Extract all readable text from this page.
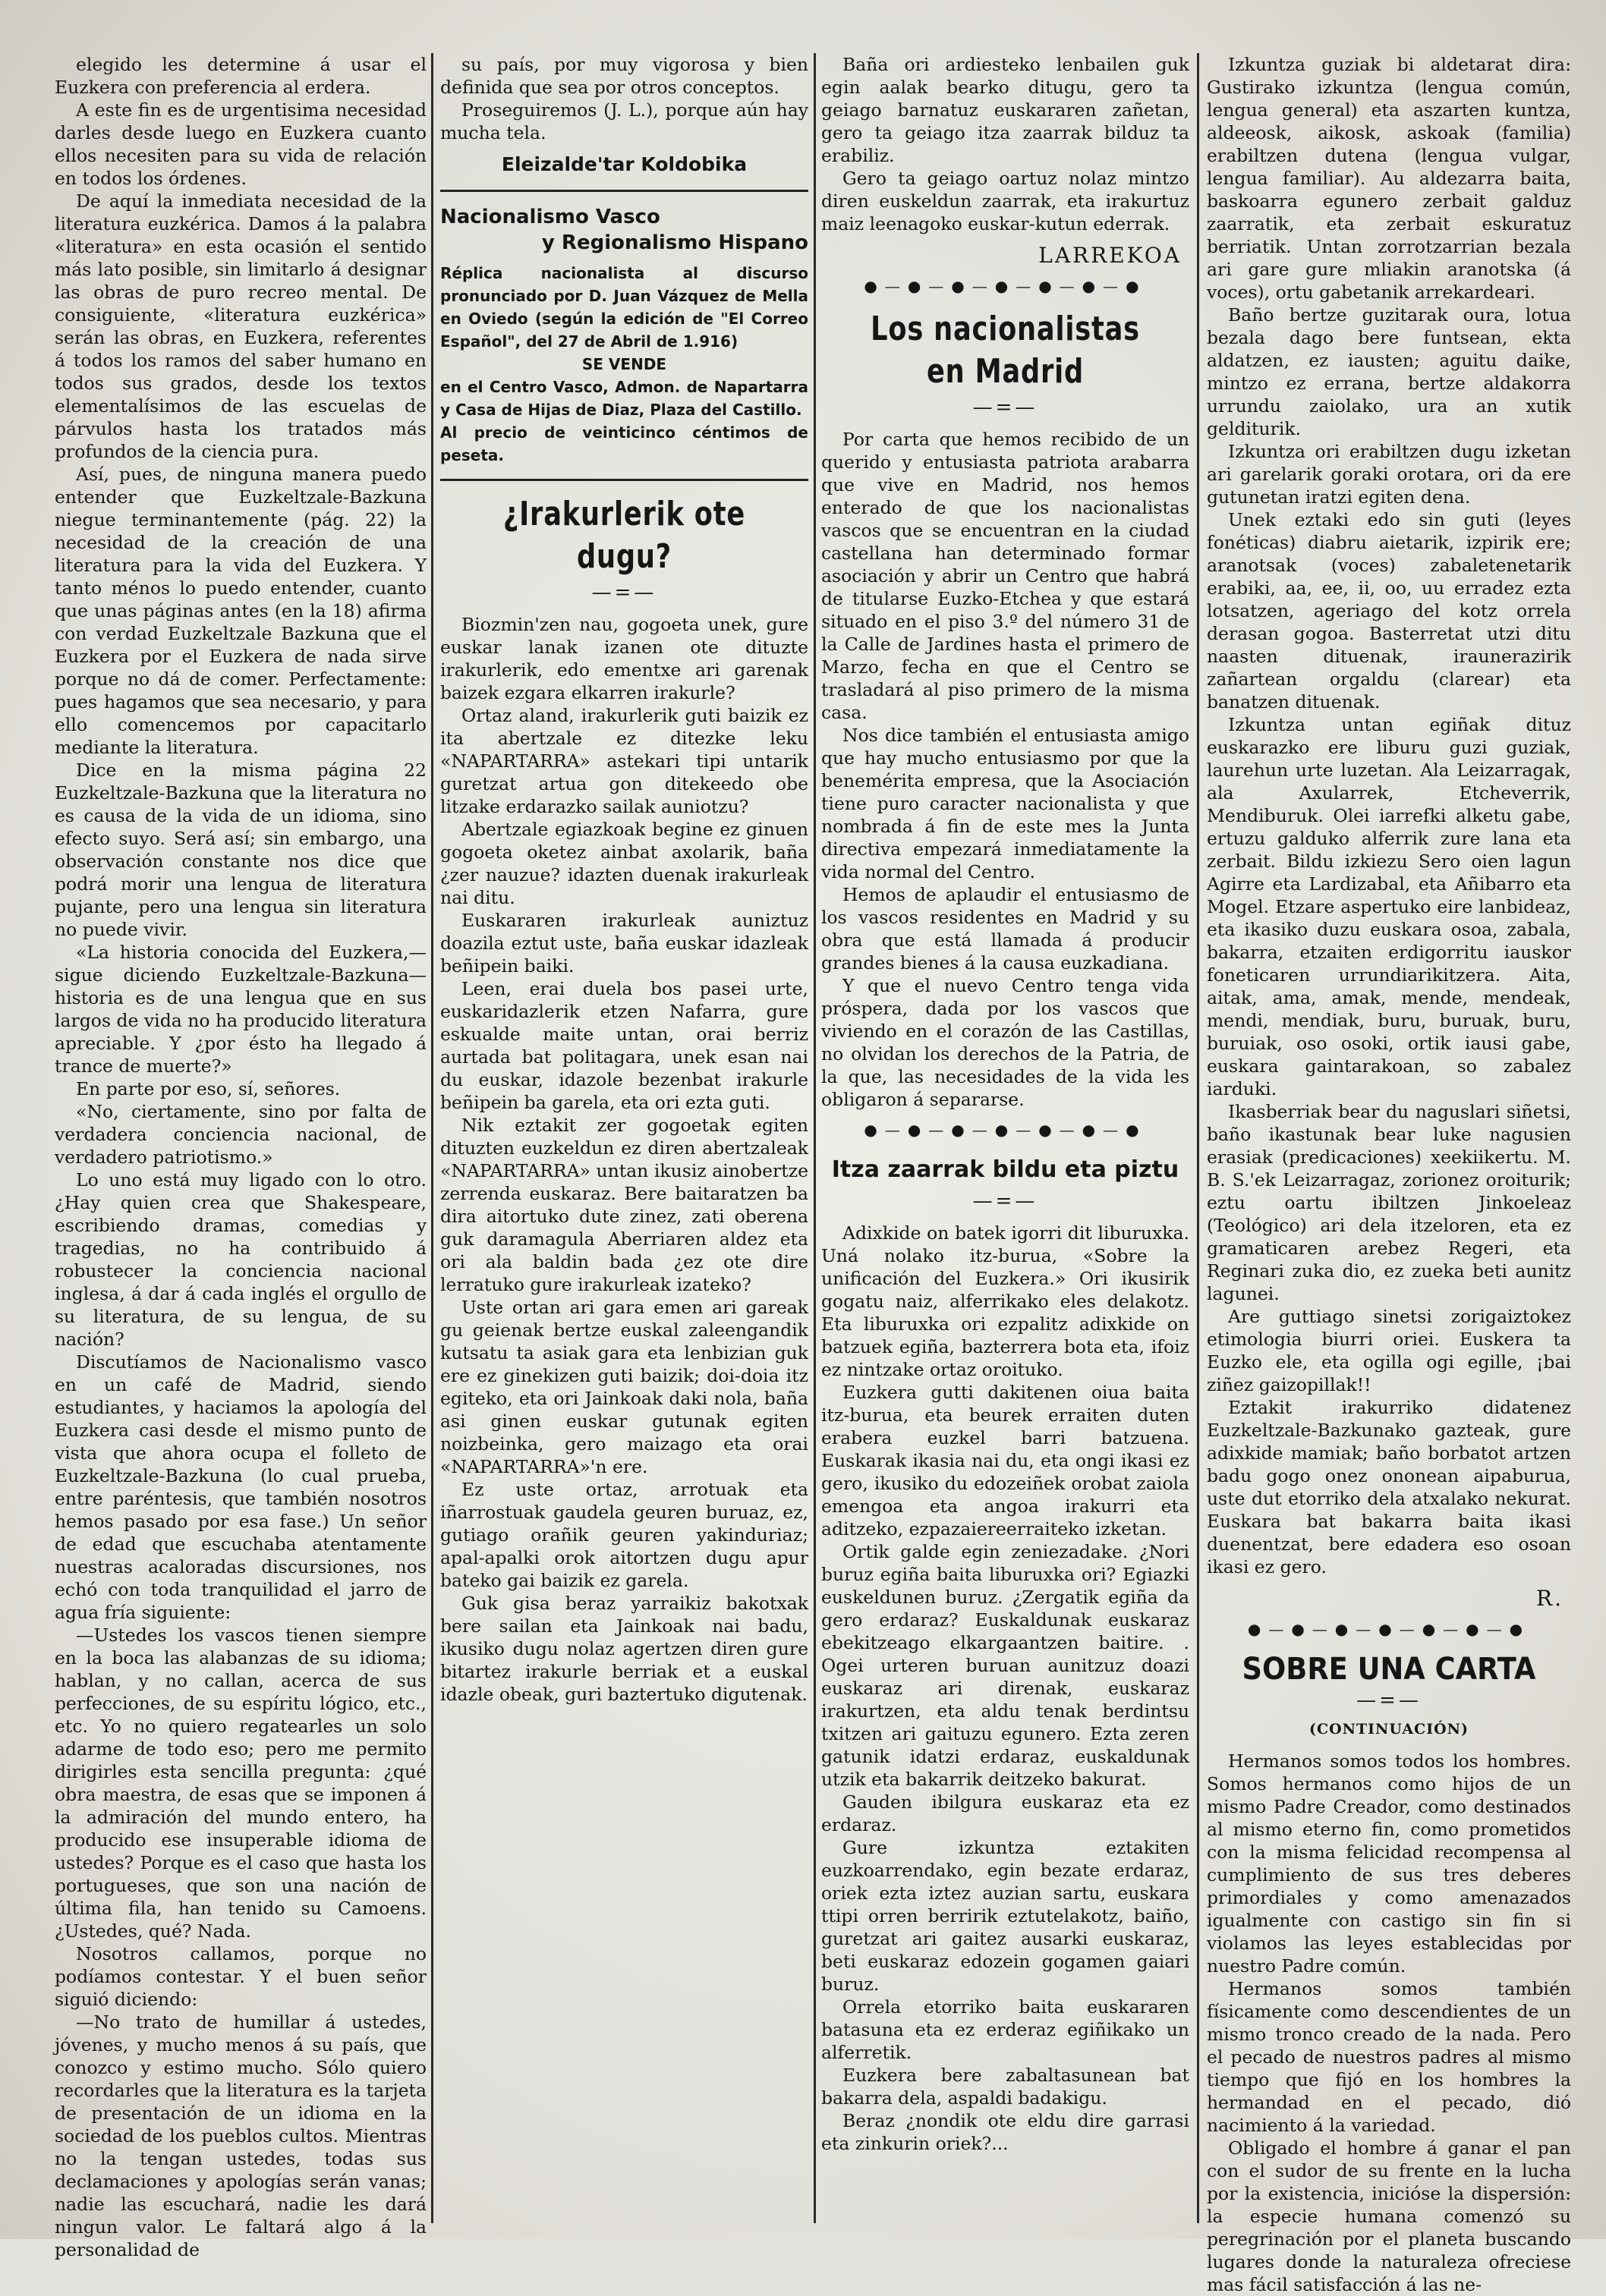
elegido les determine á usar el Euzkera con preferencia al erdera.

A este fin es de urgentisima necesidad darles desde luego en Euzkera cuanto ellos necesiten para su vida de relación en todos los órdenes.

De aquí la inmediata necesidad de la literatura euzkérica. Damos á la palabra «literatura» en esta ocasión el sentido más lato posible, sin limitarlo á designar las obras de puro recreo mental. De consiguiente, «literatura euzkérica» serán las obras, en Euzkera, referentes á todos los ramos del saber humano en todos sus grados, desde los textos elementalísimos de las escuelas de párvulos hasta los tratados más profundos de la ciencia pura.

Así, pues, de ninguna manera puedo entender que Euzkeltzale-Bazkuna niegue terminantemente (pág. 22) la necesidad de la creación de una literatura para la vida del Euzkera. Y tanto ménos lo puedo entender, cuanto que unas páginas antes (en la 18) afirma con verdad Euzkeltzale Bazkuna que el Euzkera por el Euzkera de nada sirve porque no dá de comer. Perfectamente: pues hagamos que sea necesario, y para ello comencemos por capacitarlo mediante la literatura.

Dice en la misma página 22 Euzkeltzale-Bazkuna que la literatura no es causa de la vida de un idioma, sino efecto suyo. Será así; sin embargo, una observación constante nos dice que podrá morir una lengua de literatura pujante, pero una lengua sin literatura no puede vivir.

«La historia conocida del Euzkera,—sigue diciendo Euzkeltzale-Bazkuna—historia es de una lengua que en sus largos de vida no ha producido literatura apreciable. Y ¿por ésto ha llegado á trance de muerte?»

En parte por eso, sí, señores.

«No, ciertamente, sino por falta de verdadera conciencia nacional, de verdadero patriotismo.»

Lo uno está muy ligado con lo otro. ¿Hay quien crea que Shakespeare, escribiendo dramas, comedias y tragedias, no ha contribuido á robustecer la conciencia nacional inglesa, á dar á cada inglés el orgullo de su literatura, de su lengua, de su nación?

Discutíamos de Nacionalismo vasco en un café de Madrid, siendo estudiantes, y haciamos la apología del Euzkera casi desde el mismo punto de vista que ahora ocupa el folleto de Euzkeltzale-Bazkuna (lo cual prueba, entre paréntesis, que también nosotros hemos pasado por esa fase.) Un señor de edad que escuchaba atentamente nuestras acaloradas discursiones, nos echó con toda tranquilidad el jarro de agua fría siguiente:

—Ustedes los vascos tienen siempre en la boca las alabanzas de su idioma; hablan, y no callan, acerca de sus perfecciones, de su espíritu lógico, etc., etc. Yo no quiero regatearles un solo adarme de todo eso; pero me permito dirigirles esta sencilla pregunta: ¿qué obra maestra, de esas que se imponen á la admiración del mundo entero, ha producido ese insuperable idioma de ustedes? Porque es el caso que hasta los portugueses, que son una nación de última fila, han tenido su Camoens. ¿Ustedes, qué? Nada.

Nosotros callamos, porque no podíamos contestar. Y el buen señor siguió diciendo:

—No trato de humillar á ustedes, jóvenes, y mucho menos á su país, que conozco y estimo mucho. Sólo quiero recordarles que la literatura es la tarjeta de presentación de un idioma en la sociedad de los pueblos cultos. Mientras no la tengan ustedes, todas sus declamaciones y apologías serán vanas; nadie las escuchará, nadie les dará ningun valor. Le faltará algo á la personalidad de

su país, por muy vigorosa y bien definida que sea por otros conceptos.

Proseguiremos (J. L.), porque aún hay mucha tela.

Eleizalde'tar Koldobika
Nacionalismo Vasco
y Regionalismo Hispano

Réplica nacionalista al discurso pronunciado por D. Juan Vázquez de Mella en Oviedo (según la edición de "El Correo Español", del 27 de Abril de 1.916)

SE VENDE

en el Centro Vasco, Admon. de Napartarra y Casa de Hijas de Diaz, Plaza del Castillo.

Al precio de veinticinco céntimos de peseta.

¿Irakurlerik ote dugu?
—=—

Biozmin'zen nau, gogoeta unek, gure euskar lanak izanen ote dituzte irakurlerik, edo ementxe ari garenak baizek ezgara elkarren irakurle?

Ortaz aland, irakurlerik guti baizik ez ita abertzale ez ditezke leku «NAPARTARRA» astekari tipi untarik guretzat artua gon ditekeedo obe litzake erdarazko sailak auniotzu?

Abertzale egiazkoak begine ez ginuen gogoeta oketez ainbat axolarik, baña ¿zer nauzue? idazten duenak irakurleak nai ditu.

Euskararen irakurleak auniztuz doazila eztut uste, baña euskar idazleak beñipein baiki.

Leen, erai duela bos pasei urte, euskaridazlerik etzen Nafarra, gure eskualde maite untan, orai berriz aurtada bat politagara, unek esan nai du euskar, idazole bezenbat irakurle beñipein ba garela, eta ori ezta guti.

Nik eztakit zer gogoetak egiten dituzten euzkeldun ez diren abertzaleak «NAPARTARRA» untan ikusiz ainobertze zerrenda euskaraz. Bere baitaratzen ba dira aitortuko dute zinez, zati oberena guk daramagula Aberriaren aldez eta ori ala baldin bada ¿ez ote dire lerratuko gure irakurleak izateko?

Uste ortan ari gara emen ari gareak gu geienak bertze euskal zaleengandik kutsatu ta asiak gara eta lenbizian guk ere ez ginekizen guti baizik; doi-doia itz egiteko, eta ori Jainkoak daki nola, baña asi ginen euskar gutunak egiten noizbeinka, gero maizago eta orai «NAPARTARRA»'n ere.

Ez uste ortaz, arrotuak eta iñarrostuak gaudela geuren buruaz, ez, gutiago orañik geuren yakinduriaz; apal-apalki orok aitortzen dugu apur bateko gai baizik ez garela.

Guk gisa beraz yarraikiz bakotxak bere sailan eta Jainkoak nai badu, ikusiko dugu nolaz agertzen diren gure bitartez irakurle berriak et a euskal idazle obeak, guri baztertuko digutenak.

Baña ori ardiesteko lenbailen guk egin aalak bearko ditugu, gero ta geiago barnatuz euskararen zañetan, gero ta geiago itza zaarrak bilduz ta erabiliz.

Gero ta geiago oartuz nolaz mintzo diren euskeldun zaarrak, eta irakurtuz maiz leenagoko euskar-kutun ederrak.

LARREKOA

●—●—●—●—●—●—●
Los nacionalistas en Madrid
—=—

Por carta que hemos recibido de un querido y entusiasta patriota arabarra que vive en Madrid, nos hemos enterado de que los nacionalistas vascos que se encuentran en la ciudad castellana han determinado formar asociación y abrir un Centro que habrá de titularse Euzko-Etchea y que estará situado en el piso 3.º del número 31 de la Calle de Jardines hasta el primero de Marzo, fecha en que el Centro se trasladará al piso primero de la misma casa.

Nos dice también el entusiasta amigo que hay mucho entusiasmo por que la benemérita empresa, que la Asociación tiene puro caracter nacionalista y que nombrada á fin de este mes la Junta directiva empezará inmediatamente la vida normal del Centro.

Hemos de aplaudir el entusiasmo de los vascos residentes en Madrid y su obra que está llamada á producir grandes bienes á la causa euzkadiana.

Y que el nuevo Centro tenga vida próspera, dada por los vascos que viviendo en el corazón de las Castillas, no olvidan los derechos de la Patria, de la que, las necesidades de la vida les obligaron á separarse.

●—●—●—●—●—●—●
Itza zaarrak bildu eta piztu
—=—

Adixkide on batek igorri dit liburuxka. Uná nolako itz-burua, «Sobre la unificación del Euzkera.» Ori ikusirik gogatu naiz, alferrikako eles delakotz. Eta liburuxka ori ezpalitz adixkide on batzuek egiña, bazterrera bota eta, ifoiz ez nintzake ortaz oroituko.

Euzkera gutti dakitenen oiua baita itz-burua, eta beurek erraiten duten erabera euzkel barri batzuena. Euskarak ikasia nai du, eta ongi ikasi ez gero, ikusiko du edozeiñek orobat zaiola emengoa eta angoa irakurri eta aditzeko, ezpazaiereerraiteko izketan.

Ortik galde egin zeniezadake. ¿Nori buruz egiña baita liburuxka ori? Egiazki euskeldunen buruz. ¿Zergatik egiña da gero erdaraz? Euskaldunak euskaraz ebekitzeago elkargaantzen baitire. . Ogei urteren buruan aunitzuz doazi euskaraz ari direnak, euskaraz irakurtzen, eta aldu tenak berdintsu txitzen ari gaituzu egunero. Ezta zeren gatunik idatzi erdaraz, euskaldunak utzik eta bakarrik deitzeko bakurat.

Gauden ibilgura euskaraz eta ez erdaraz.

Gure izkuntza eztakiten euzkoarrendako, egin bezate erdaraz, oriek ezta iztez auzian sartu, euskara ttipi orren berririk eztutelakotz, baiño, guretzat ari gaitez ausarki euskaraz, beti euskaraz edozein gogamen gaiari buruz.

Orrela etorriko baita euskararen batasuna eta ez erderaz egiñikako un alferretik.

Euzkera bere zabaltasunean bat bakarra dela, aspaldi badakigu.

Beraz ¿nondik ote eldu dire garrasi eta zinkurin oriek?...

Izkuntza guziak bi aldetarat dira: Gustirako izkuntza (lengua común, lengua general) eta aszarten kuntza, aldeeosk, aikosk, askoak (familia) erabiltzen dutena (lengua vulgar, lengua familiar). Au aldezarra baita, baskoarra egunero zerbait galduz zaarratik, eta zerbait eskuratuz berriatik. Untan zorrotzarrian bezala ari gare gure mliakin aranotska (á voces), ortu gabetanik arrekardeari.

Baño bertze guzitarak oura, lotua bezala dago bere funtsean, ekta aldatzen, ez iausten; aguitu daike, mintzo ez errana, bertze aldakorra urrundu zaiolako, ura an xutik gelditurik.

Izkuntza ori erabiltzen dugu izketan ari garelarik goraki orotara, ori da ere gutunetan iratzi egiten dena.

Unek eztaki edo sin guti (leyes fonéticas) diabru aietarik, izpirik ere; aranotsak (voces) zabaletenetarik erabiki, aa, ee, ii, oo, uu erradez ezta lotsatzen, ageriago del kotz orrela derasan gogoa. Basterretat utzi ditu naasten dituenak, iraunerazirik zañartean orgaldu (clarear) eta banatzen dituenak.

Izkuntza untan egiñak dituz euskarazko ere liburu guzi guziak, laurehun urte luzetan. Ala Leizarragak, ala Axularrek, Etcheverrik, Mendiburuk. Olei iarrefki alketu gabe, ertuzu galduko alferrik zure lana eta zerbait. Bildu izkiezu Sero oien lagun Agirre eta Lardizabal, eta Añibarro eta Mogel. Etzare aspertuko eire lanbideaz, eta ikasiko duzu euskara osoa, zabala, bakarra, etzaiten erdigorritu iauskor foneticaren urrundiarikitzera. Aita, aitak, ama, amak, mende, mendeak, mendi, mendiak, buru, buruak, buru, buruiak, oso osoki, ortik iausi gabe, euskara gaintarakoan, so zabalez iarduki.

Ikasberriak bear du naguslari siñetsi, baño ikastunak bear luke nagusien erasiak (predicaciones) xeekiikertu. M. B. S.'ek Leizarragaz, zorionez oroiturik; eztu oartu ibiltzen Jinkoeleaz (Teológico) ari dela itzeloren, eta ez gramaticaren arebez Regeri, eta Reginari zuka dio, ez zueka beti aunitz lagunei.

Are guttiago sinetsi zorigaiztokez etimologia biurri oriei. Euskera ta Euzko ele, eta ogilla ogi egille, ¡bai ziñez gaizopillak!!

Eztakit irakurriko didatenez Euzkeltzale-Bazkunako gazteak, gure adixkide mamiak; baño borbatot artzen badu gogo onez ononean aipaburua, uste dut etorriko dela atxalako nekurat. Euskara bat bakarra baita ikasi duenentzat, bere edadera eso osoan ikasi ez gero.

R.

●—●—●—●—●—●—●
SOBRE UNA CARTA
—=—
(CONTINUACIÓN)

Hermanos somos todos los hombres. Somos hermanos como hijos de un mismo Padre Creador, como destinados al mismo eterno fin, como prometidos con la misma felicidad recompensa al cumplimiento de sus tres deberes primordiales y como amenazados igualmente con castigo sin fin si violamos las leyes establecidas por nuestro Padre común.

Hermanos somos también físicamente como descendientes de un mismo tronco creado de la nada. Pero el pecado de nuestros padres al mismo tiempo que fijó en los hombres la hermandad en el pecado, dió nacimiento á la variedad.

Obligado el hombre á ganar el pan con el sudor de su frente en la lucha por la existencia, inicióse la dispersión: la especie humana comenzó su peregrinación por el planeta buscando lugares donde la naturaleza ofreciese mas fácil satisfacción á las ne-
